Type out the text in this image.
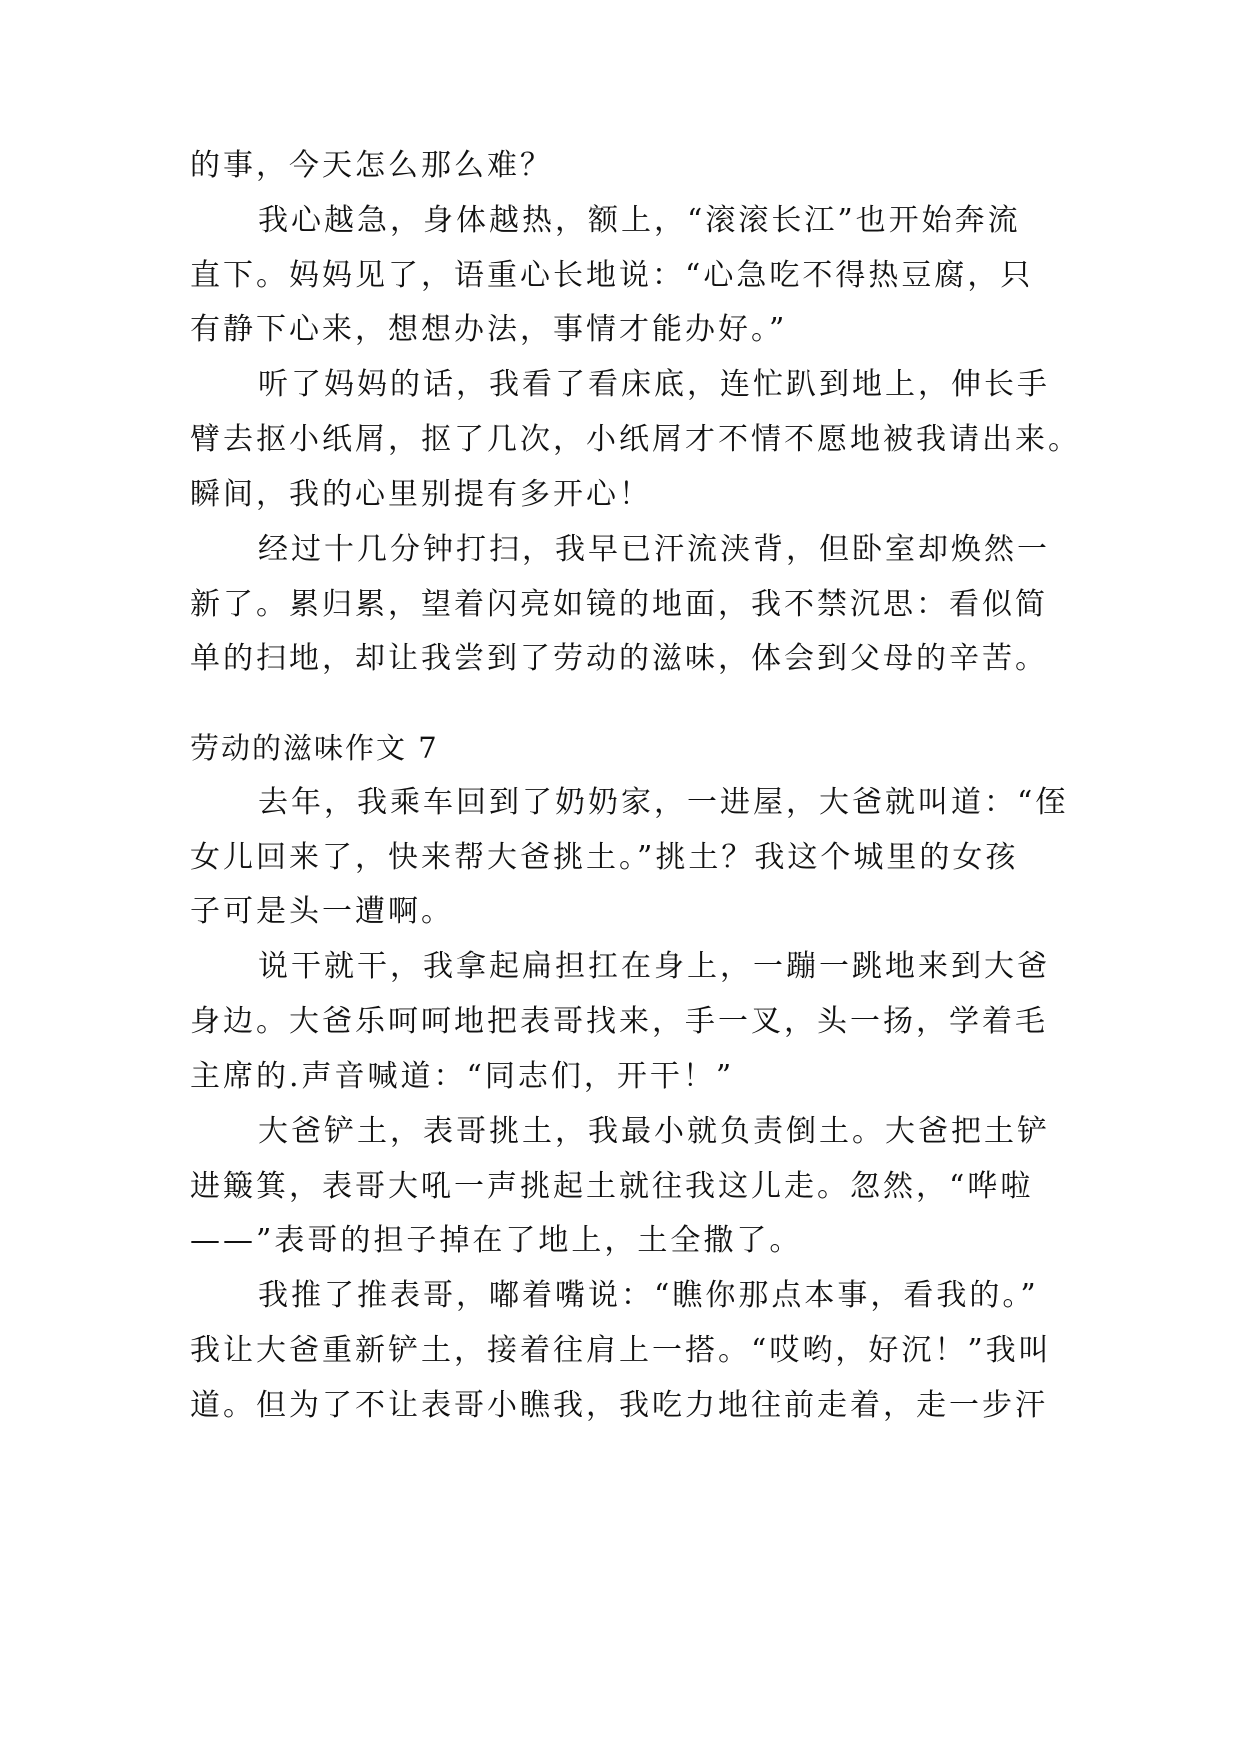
的事，今天怎么那么难？
我心越急，身体越热，额上，“滚滚长江”也开始奔流
直下。妈妈见了，语重心长地说：“心急吃不得热豆腐，只
有静下心来，想想办法，事情才能办好。”
听了妈妈的话，我看了看床底，连忙趴到地上，伸长手
臂去抠小纸屑，抠了几次，小纸屑才不情不愿地被我请出来。
瞬间，我的心里别提有多开心！
经过十几分钟打扫，我早已汗流浃背，但卧室却焕然一
新了。累归累，望着闪亮如镜的地面，我不禁沉思：看似简
单的扫地，却让我尝到了劳动的滋味，体会到父母的辛苦。
劳动的滋味作文 7
去年，我乘车回到了奶奶家，一进屋，大爸就叫道：“侄
女儿回来了，快来帮大爸挑土。”挑土？我这个城里的女孩
子可是头一遭啊。
说干就干，我拿起扁担扛在身上，一蹦一跳地来到大爸
身边。大爸乐呵呵地把表哥找来，手一叉，头一扬，学着毛
主席的.声音喊道：“同志们，开干！”
大爸铲土，表哥挑土，我最小就负责倒土。大爸把土铲
进簸箕，表哥大吼一声挑起土就往我这儿走。忽然，“哗啦
——”表哥的担子掉在了地上，土全撒了。
我推了推表哥，嘟着嘴说：“瞧你那点本事，看我的。”
我让大爸重新铲土，接着往肩上一搭。“哎哟，好沉！”我叫
道。但为了不让表哥小瞧我，我吃力地往前走着，走一步汗
